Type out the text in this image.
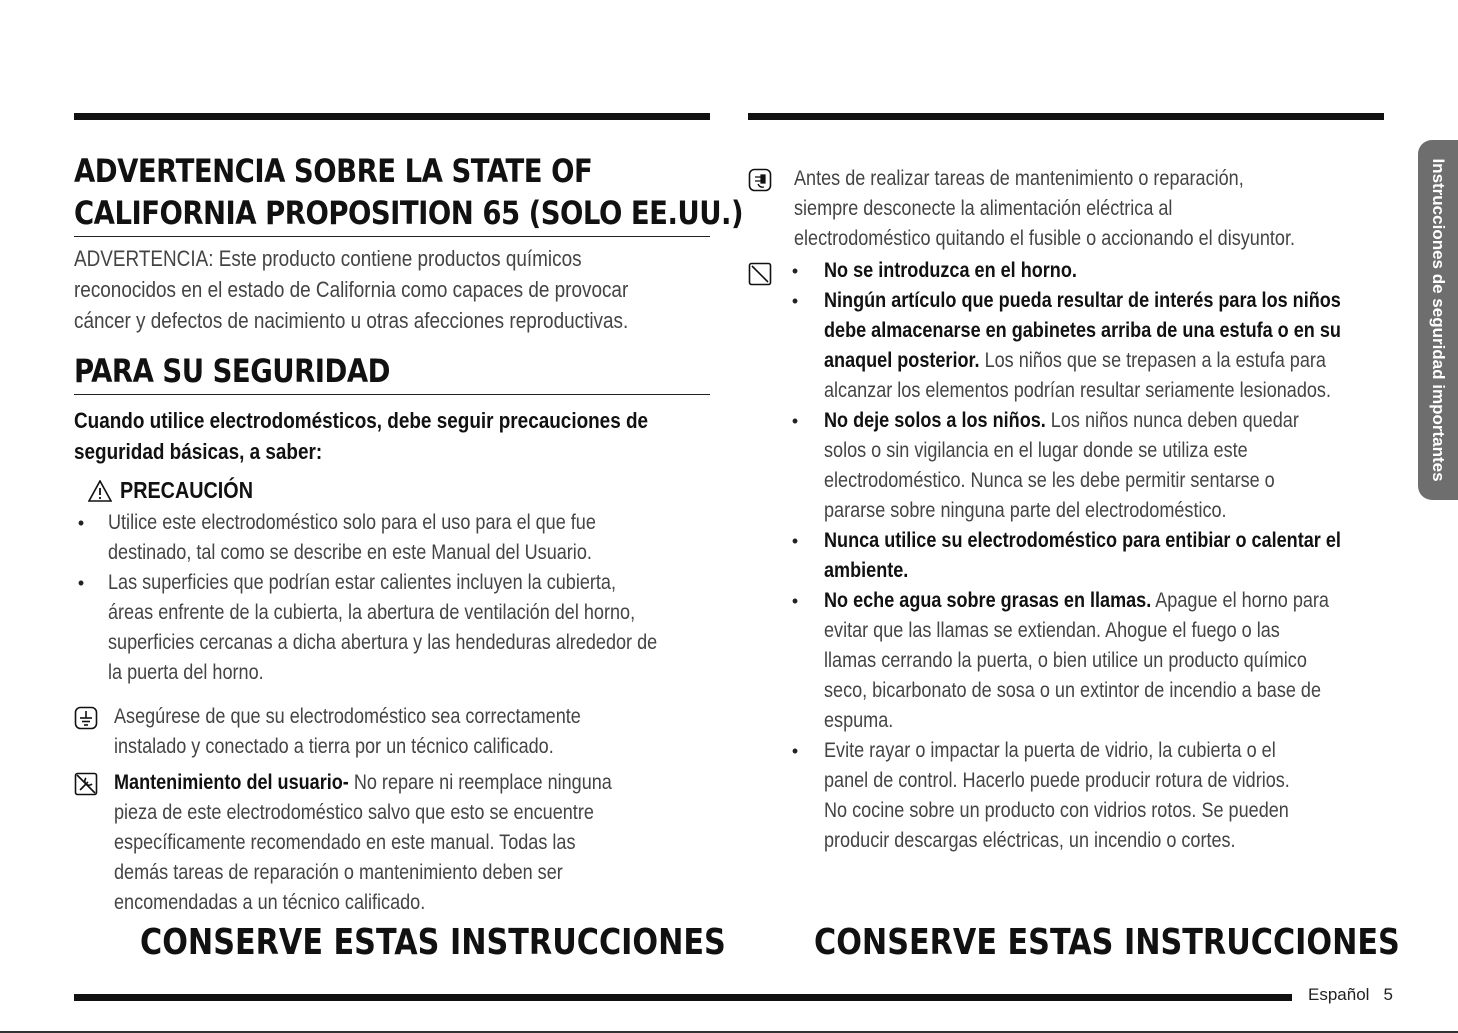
ADVERTENCIA SOBRE LA STATE OF
CALIFORNIA PROPOSITION 65 (SOLO EE.UU.)
ADVERTENCIA: Este producto contiene productos químicos
reconocidos en el estado de California como capaces de provocar
cáncer y defectos de nacimiento u otras afecciones reproductivas.
PARA SU SEGURIDAD
Cuando utilice electrodomésticos, debe seguir precauciones de
seguridad básicas, a saber:
PRECAUCIÓN
• Utilice este electrodoméstico solo para el uso para el que fue
destinado, tal como se describe en este Manual del Usuario.
• Las superficies que podrían estar calientes incluyen la cubierta,
áreas enfrente de la cubierta, la abertura de ventilación del horno,
superficies cercanas a dicha abertura y las hendeduras alrededor de
la puerta del horno.
Asegúrese de que su electrodoméstico sea correctamente
instalado y conectado a tierra por un técnico calificado.
Mantenimiento del usuario- No repare ni reemplace ninguna
pieza de este electrodoméstico salvo que esto se encuentre
específicamente recomendado en este manual. Todas las
demás tareas de reparación o mantenimiento deben ser
encomendadas a un técnico calificado.
Antes de realizar tareas de mantenimiento o reparación,
siempre desconecte la alimentación eléctrica al
electrodoméstico quitando el fusible o accionando el disyuntor.
• No se introduzca en el horno.
• Ningún artículo que pueda resultar de interés para los niños
debe almacenarse en gabinetes arriba de una estufa o en su
anaquel posterior. Los niños que se trepasen a la estufa para
alcanzar los elementos podrían resultar seriamente lesionados.
• No deje solos a los niños. Los niños nunca deben quedar
solos o sin vigilancia en el lugar donde se utiliza este
electrodoméstico. Nunca se les debe permitir sentarse o
pararse sobre ninguna parte del electrodoméstico.
• Nunca utilice su electrodoméstico para entibiar o calentar el
ambiente.
• No eche agua sobre grasas en llamas. Apague el horno para
evitar que las llamas se extiendan. Ahogue el fuego o las
llamas cerrando la puerta, o bien utilice un producto químico
seco, bicarbonato de sosa o un extintor de incendio a base de
espuma.
• Evite rayar o impactar la puerta de vidrio, la cubierta o el
panel de control. Hacerlo puede producir rotura de vidrios.
No cocine sobre un producto con vidrios rotos. Se pueden
producir descargas eléctricas, un incendio o cortes.
CONSERVE ESTAS INSTRUCCIONES CONSERVE ESTAS INSTRUCCIONES
Instrucciones de seguridad importantes
Español 5
